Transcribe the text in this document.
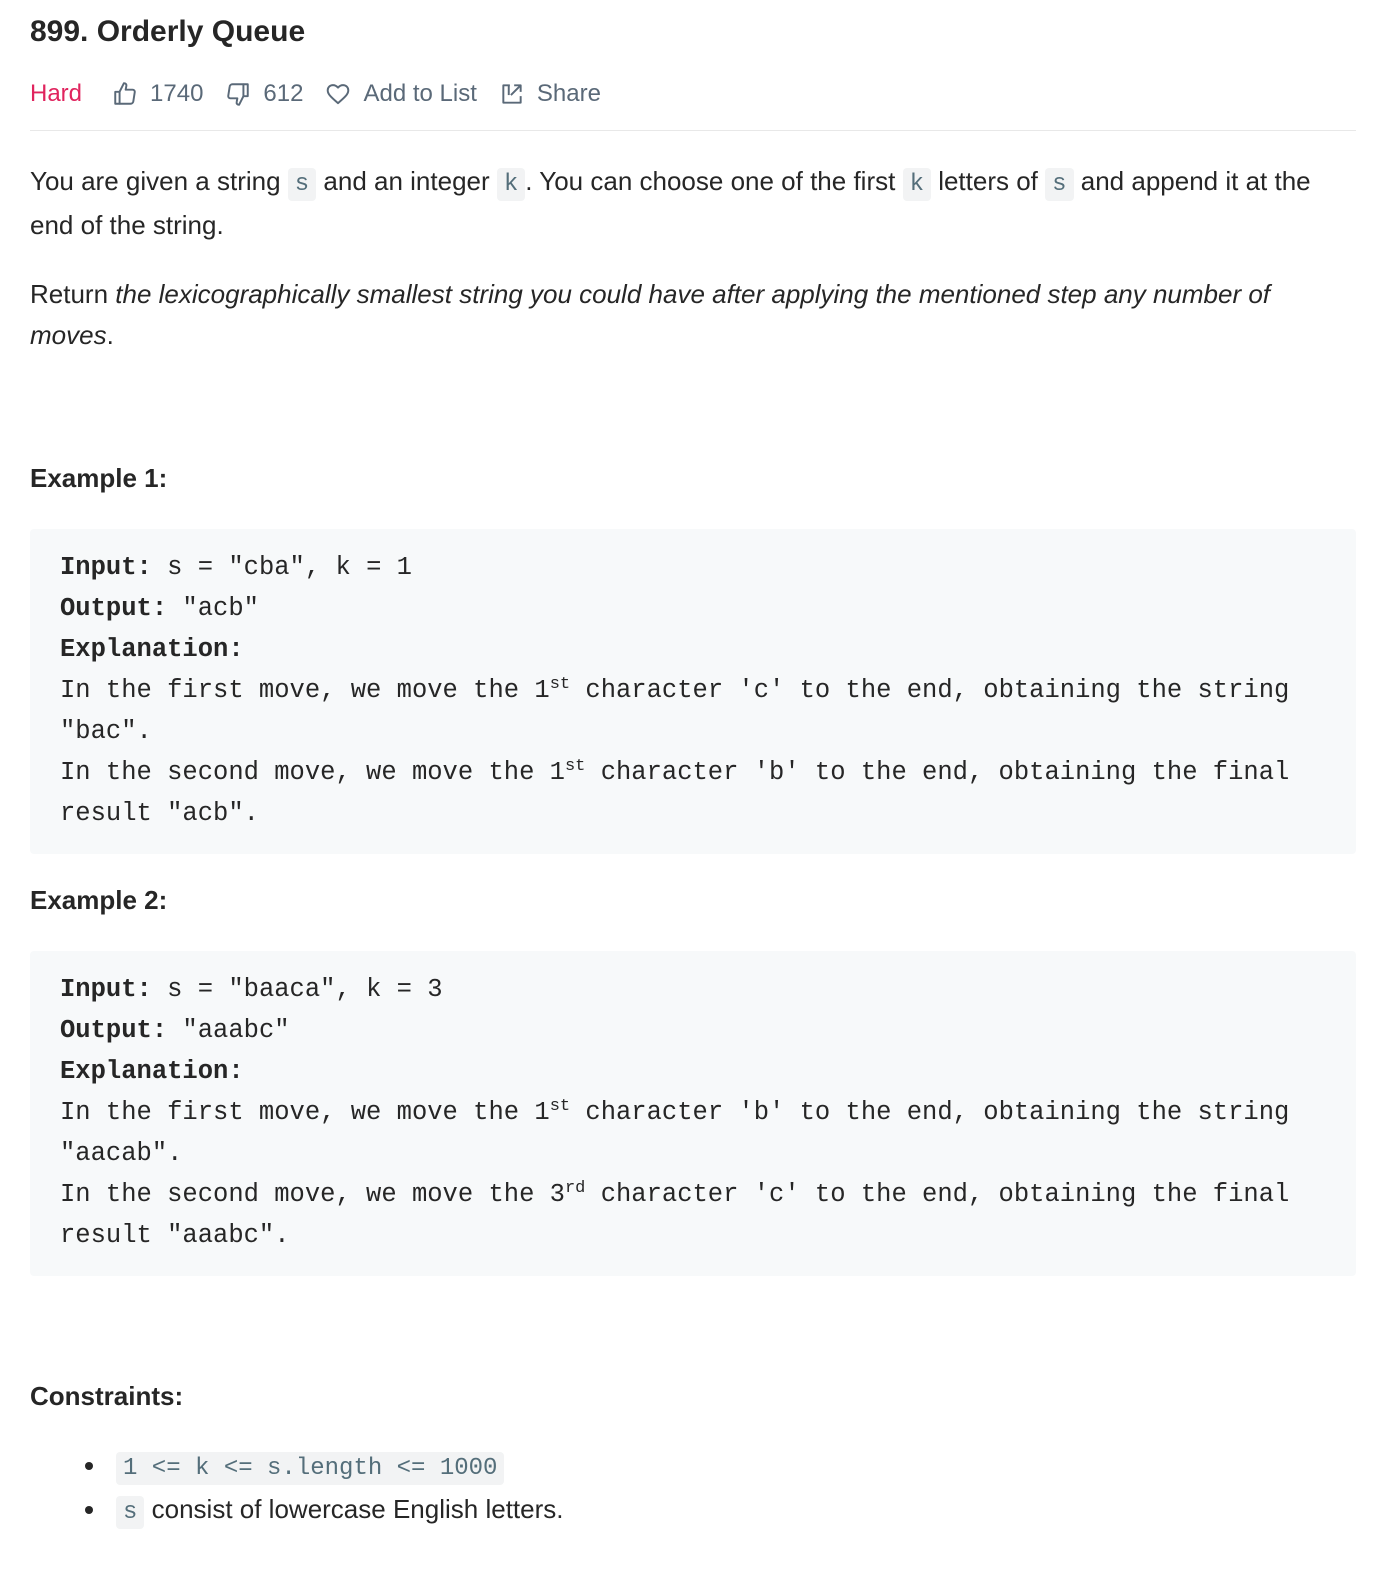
899. Orderly Queue
Hard	1740	612	Add to List	Share

You are given a string s and an integer k . You can choose one of the first k letters of s and append it at the end of the string.

Return the lexicographically smallest string you could have after applying the mentioned step any number of moves.

Example 1:
Input: s = "cba", k = 1
Output: "acb"
Explanation:
In the first move, we move the 1st character 'c' to the end, obtaining the string "bac".
In the second move, we move the 1st character 'b' to the end, obtaining the final result "acb".
Example 2:
Input: s = "baaca", k = 3
Output: "aaabc"
Explanation:
In the first move, we move the 1st character 'b' to the end, obtaining the string "aacab".
In the second move, we move the 3rd character 'c' to the end, obtaining the final result "aaabc".
Constraints:
• 1 <= k <= s.length <= 1000
• s consist of lowercase English letters.
